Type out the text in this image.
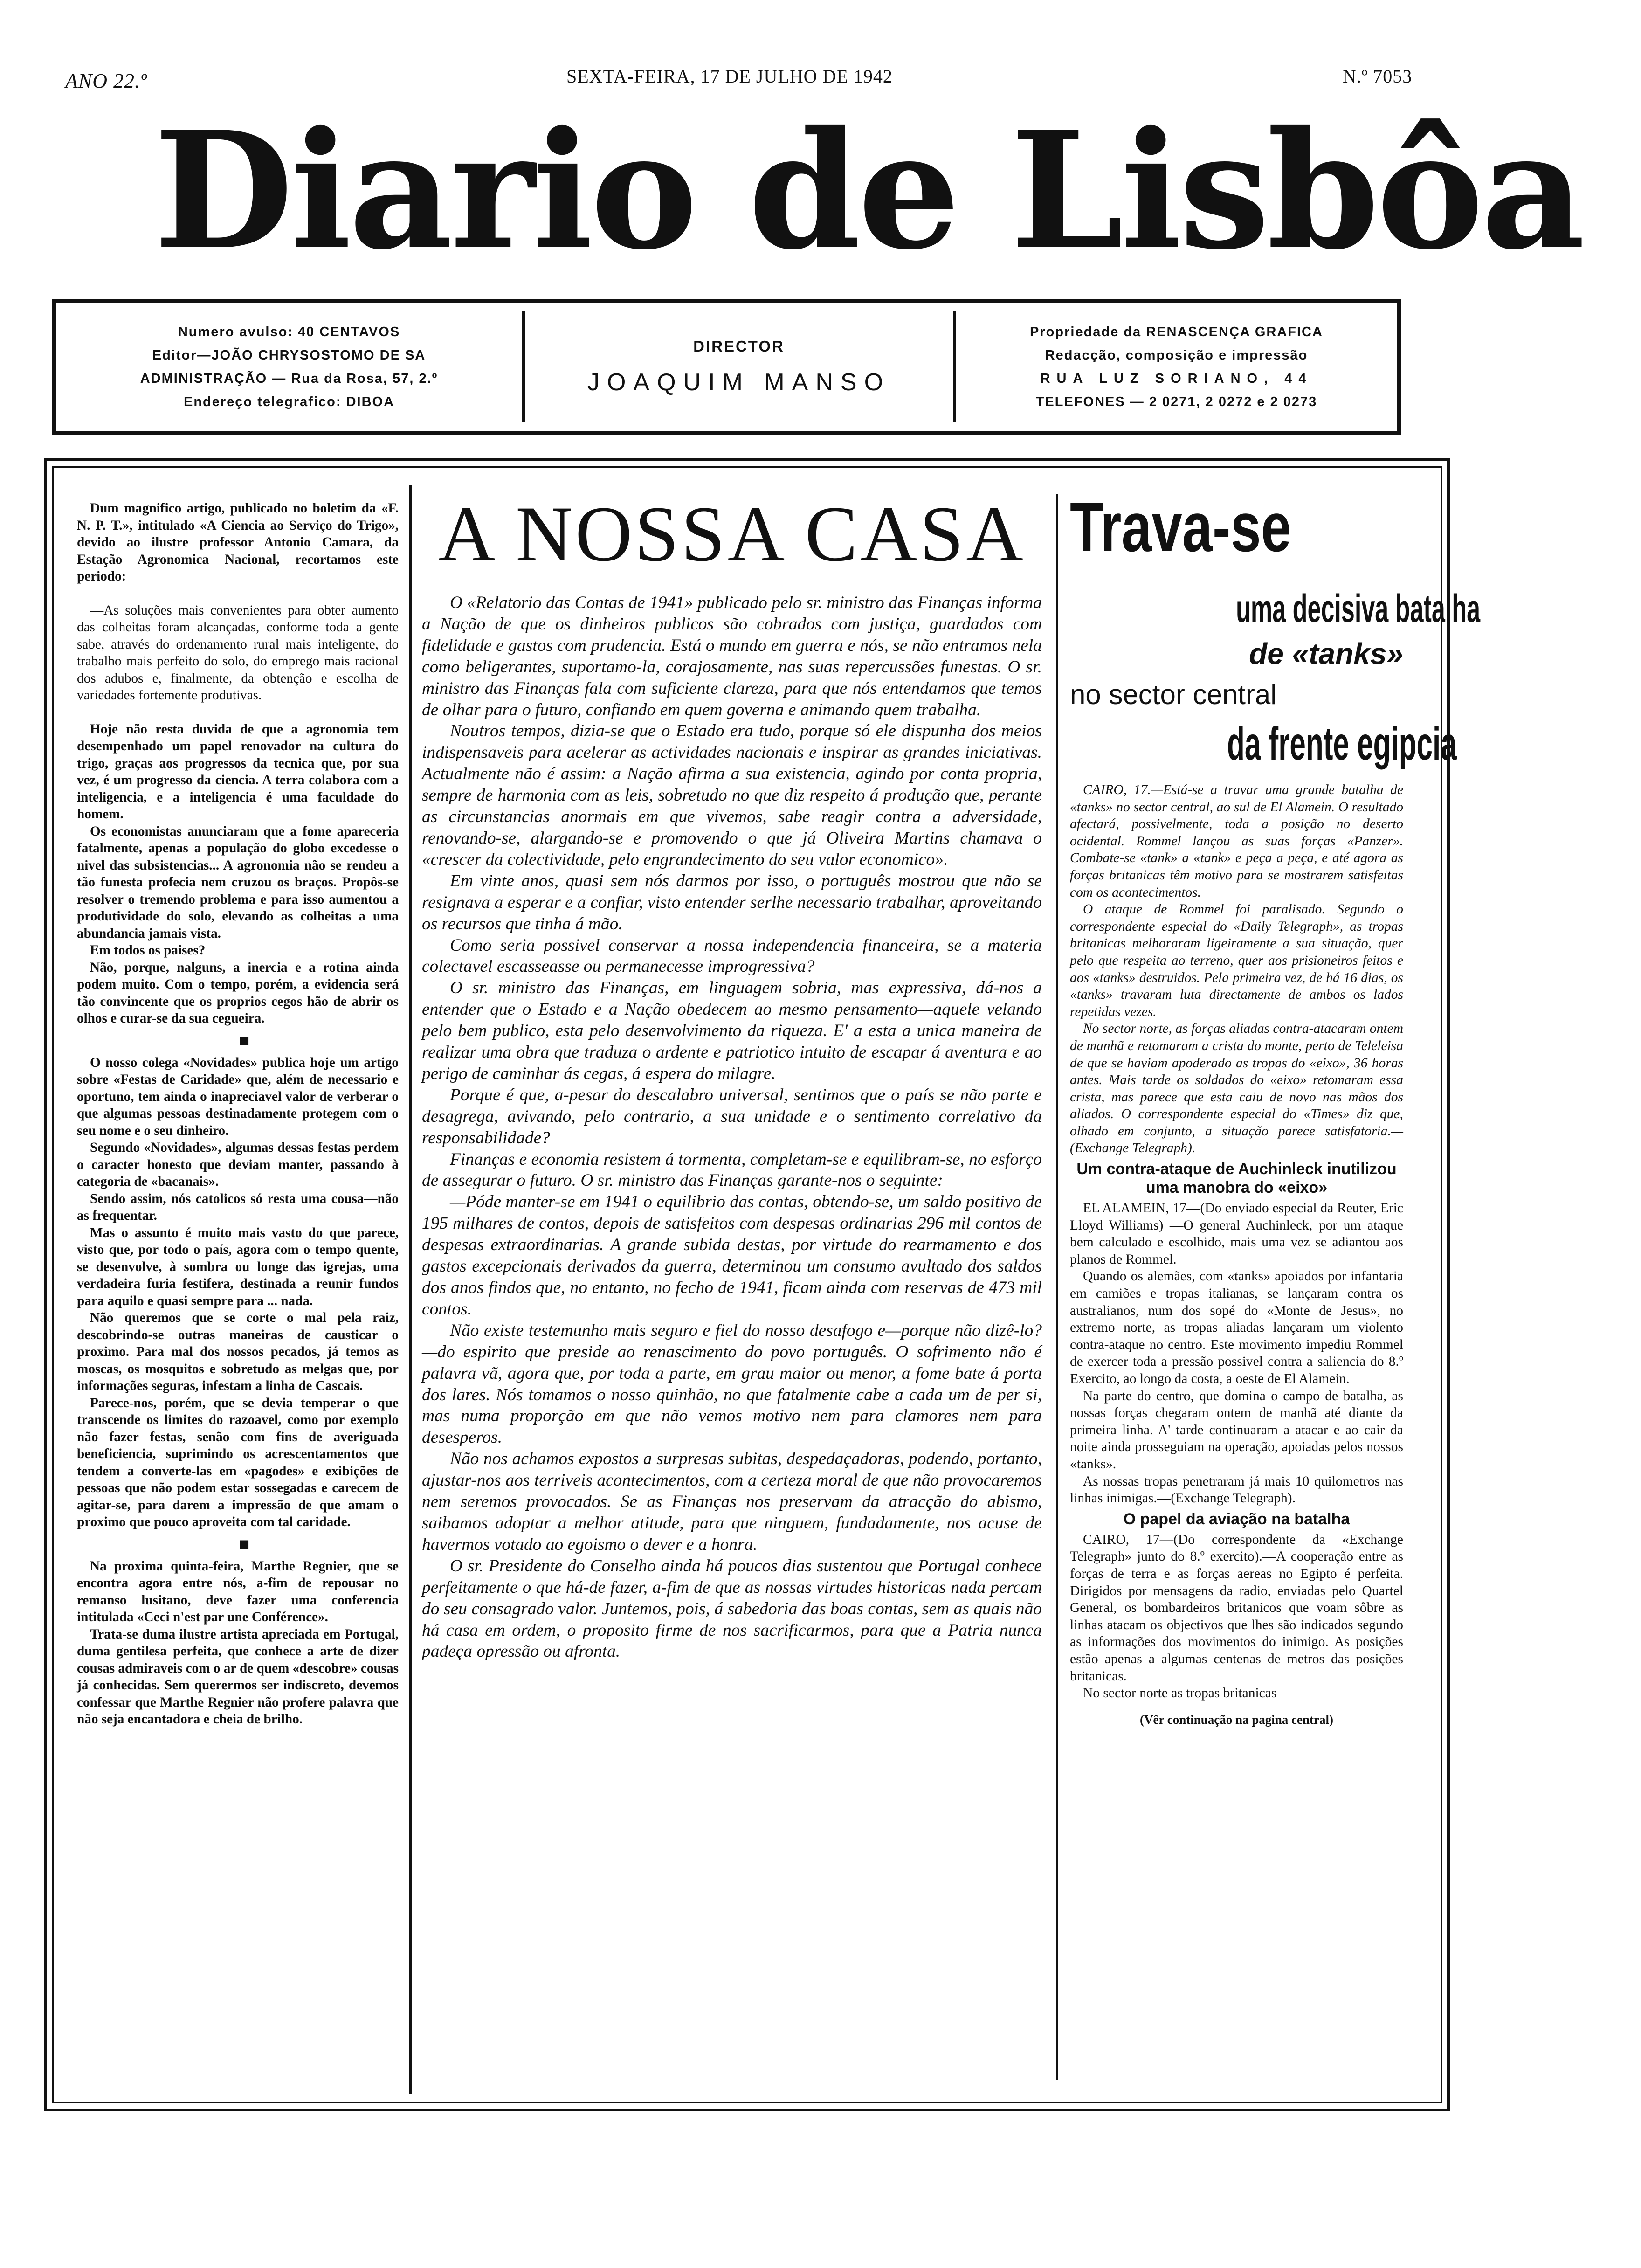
ANO 22.º	SEXTA-FEIRA, 17 DE JULHO DE 1942	N.º 7053
Diario de Lisbôa
Numero avulso: 40 CENTAVOS
Editor—JOÃO CHRYSOSTOMO DE SA
ADMINISTRAÇÃO — Rua da Rosa, 57, 2.º
Endereço telegrafico: DIBOA
DIRECTOR
JOAQUIM MANSO
Propriedade da RENASCENÇA GRAFICA
Redacção, composição e impressão
RUA LUZ SORIANO, 44
TELEFONES — 2 0271, 2 0272 e 2 0273

Dum magnifico artigo, publicado no boletim da «F. N. P. T.», intitulado «A Ciencia ao Serviço do Trigo», devido ao ilustre professor Antonio Camara, da Estação Agronomica Nacional, recortamos este periodo:

—As soluções mais convenientes para obter aumento das colheitas foram alcançadas, conforme toda a gente sabe, através do ordenamento rural mais inteligente, do trabalho mais perfeito do solo, do emprego mais racional dos adubos e, finalmente, da obtenção e escolha de variedades fortemente produtivas.

Hoje não resta duvida de que a agronomia tem desempenhado um papel renovador na cultura do trigo, graças aos progressos da tecnica que, por sua vez, é um progresso da ciencia. A terra colabora com a inteligencia, e a inteligencia é uma faculdade do homem.

Os economistas anunciaram que a fome apareceria fatalmente, apenas a população do globo excedesse o nivel das subsistencias... A agronomia não se rendeu a tão funesta profecia nem cruzou os braços. Propôs-se resolver o tremendo problema e para isso aumentou a produtividade do solo, elevando as colheitas a uma abundancia jamais vista.

Em todos os paises?

Não, porque, nalguns, a inercia e a rotina ainda podem muito. Com o tempo, porém, a evidencia será tão convincente que os proprios cegos hão de abrir os olhos e curar-se da sua cegueira.

■

O nosso colega «Novidades» publica hoje um artigo sobre «Festas de Caridade» que, além de necessario e oportuno, tem ainda o inapreciavel valor de verberar o que algumas pessoas destinadamente protegem com o seu nome e o seu dinheiro.

Segundo «Novidades», algumas dessas festas perdem o caracter honesto que deviam manter, passando à categoria de «bacanais».

Sendo assim, nós catolicos só resta uma cousa—não as frequentar.

Mas o assunto é muito mais vasto do que parece, visto que, por todo o país, agora com o tempo quente, se desenvolve, à sombra ou longe das igrejas, uma verdadeira furia festifera, destinada a reunir fundos para aquilo e quasi sempre para ... nada.

Não queremos que se corte o mal pela raiz, descobrindo-se outras maneiras de causticar o proximo. Para mal dos nossos pecados, já temos as moscas, os mosquitos e sobretudo as melgas que, por informações seguras, infestam a linha de Cascais.

Parece-nos, porém, que se devia temperar o que transcende os limites do razoavel, como por exemplo não fazer festas, senão com fins de averiguada beneficiencia, suprimindo os acrescentamentos que tendem a converte-las em «pagodes» e exibições de pessoas que não podem estar sossegadas e carecem de agitar-se, para darem a impressão de que amam o proximo que pouco aproveita com tal caridade.

■

Na proxima quinta-feira, Marthe Regnier, que se encontra agora entre nós, a-fim de repousar no remanso lusitano, deve fazer uma conferencia intitulada «Ceci n'est par une Conférence».

Trata-se duma ilustre artista apreciada em Portugal, duma gentilesa perfeita, que conhece a arte de dizer cousas admiraveis com o ar de quem «descobre» cousas já conhecidas. Sem querermos ser indiscreto, devemos confessar que Marthe Regnier não profere palavra que não seja encantadora e cheia de brilho.

A NOSSA CASA

O «Relatorio das Contas de 1941» publicado pelo sr. ministro das Finanças informa a Nação de que os dinheiros publicos são cobrados com justiça, guardados com fidelidade e gastos com prudencia. Está o mundo em guerra e nós, se não entramos nela como beligerantes, suportamo-la, corajosamente, nas suas repercussões funestas. O sr. ministro das Finanças fala com suficiente clareza, para que nós entendamos que temos de olhar para o futuro, confiando em quem governa e animando quem trabalha.

Noutros tempos, dizia-se que o Estado era tudo, porque só ele dispunha dos meios indispensaveis para acelerar as actividades nacionais e inspirar as grandes iniciativas. Actualmente não é assim: a Nação afirma a sua existencia, agindo por conta propria, sempre de harmonia com as leis, sobretudo no que diz respeito á produção que, perante as circunstancias anormais em que vivemos, sabe reagir contra a adversidade, renovando-se, alargando-se e promovendo o que já Oliveira Martins chamava o «crescer da colectividade, pelo engrandecimento do seu valor economico».

Em vinte anos, quasi sem nós darmos por isso, o português mostrou que não se resignava a esperar e a confiar, visto entender serlhe necessario trabalhar, aproveitando os recursos que tinha á mão.

Como seria possivel conservar a nossa independencia financeira, se a materia colectavel escasseasse ou permanecesse improgressiva?

O sr. ministro das Finanças, em linguagem sobria, mas expressiva, dá-nos a entender que o Estado e a Nação obedecem ao mesmo pensamento—aquele velando pelo bem publico, esta pelo desenvolvimento da riqueza. E' a esta a unica maneira de realizar uma obra que traduza o ardente e patriotico intuito de escapar á aventura e ao perigo de caminhar ás cegas, á espera do milagre.

Porque é que, a-pesar do descalabro universal, sentimos que o país se não parte e desagrega, avivando, pelo contrario, a sua unidade e o sentimento correlativo da responsabilidade?

Finanças e economia resistem á tormenta, completam-se e equilibram-se, no esforço de assegurar o futuro. O sr. ministro das Finanças garante-nos o seguinte:

—Póde manter-se em 1941 o equilibrio das contas, obtendo-se, um saldo positivo de 195 milhares de contos, depois de satisfeitos com despesas ordinarias 296 mil contos de despesas extraordinarias. A grande subida destas, por virtude do rearmamento e dos gastos excepcionais derivados da guerra, determinou um consumo avultado dos saldos dos anos findos que, no entanto, no fecho de 1941, ficam ainda com reservas de 473 mil contos.

Não existe testemunho mais seguro e fiel do nosso desafogo e—porque não dizê-lo?—do espirito que preside ao renascimento do povo português. O sofrimento não é palavra vã, agora que, por toda a parte, em grau maior ou menor, a fome bate á porta dos lares. Nós tomamos o nosso quinhão, no que fatalmente cabe a cada um de per si, mas numa proporção em que não vemos motivo nem para clamores nem para desesperos.

Não nos achamos expostos a surpresas subitas, despedaçadoras, podendo, portanto, ajustar-nos aos terriveis acontecimentos, com a certeza moral de que não provocaremos nem seremos provocados. Se as Finanças nos preservam da atracção do abismo, saibamos adoptar a melhor atitude, para que ninguem, fundadamente, nos acuse de havermos votado ao egoismo o dever e a honra.

O sr. Presidente do Conselho ainda há poucos dias sustentou que Portugal conhece perfeitamente o que há-de fazer, a-fim de que as nossas virtudes historicas nada percam do seu consagrado valor. Juntemos, pois, á sabedoria das boas contas, sem as quais não há casa em ordem, o proposito firme de nos sacrificarmos, para que a Patria nunca padeça opressão ou afronta.

Trava-se
uma decisiva batalha
de «tanks»
no sector central
da frente egipcia

CAIRO, 17.—Está-se a travar uma grande batalha de «tanks» no sector central, ao sul de El Alamein. O resultado afectará, possivelmente, toda a posição no deserto ocidental. Rommel lançou as suas forças «Panzer». Combate-se «tank» a «tank» e peça a peça, e até agora as forças britanicas têm motivo para se mostrarem satisfeitas com os acontecimentos.

O ataque de Rommel foi paralisado. Segundo o correspondente especial do «Daily Telegraph», as tropas britanicas melhoraram ligeiramente a sua situação, quer pelo que respeita ao terreno, quer aos prisioneiros feitos e aos «tanks» destruidos. Pela primeira vez, de há 16 dias, os «tanks» travaram luta directamente de ambos os lados repetidas vezes.

No sector norte, as forças aliadas contra-atacaram ontem de manhã e retomaram a crista do monte, perto de Teleleisa de que se haviam apoderado as tropas do «eixo», 36 horas antes. Mais tarde os soldados do «eixo» retomaram essa crista, mas parece que esta caiu de novo nas mãos dos aliados. O correspondente especial do «Times» diz que, olhado em conjunto, a situação parece satisfatoria.—(Exchange Telegraph).

Um contra-ataque de Auchinleck inutilizou uma manobra do «eixo»

EL ALAMEIN, 17—(Do enviado especial da Reuter, Eric Lloyd Williams) —O general Auchinleck, por um ataque bem calculado e escolhido, mais uma vez se adiantou aos planos de Rommel.

Quando os alemães, com «tanks» apoiados por infantaria em camiões e tropas italianas, se lançaram contra os australianos, num dos sopé do «Monte de Jesus», no extremo norte, as tropas aliadas lançaram um violento contra-ataque no centro. Este movimento impediu Rommel de exercer toda a pressão possivel contra a saliencia do 8.º Exercito, ao longo da costa, a oeste de El Alamein.

Na parte do centro, que domina o campo de batalha, as nossas forças chegaram ontem de manhã até diante da primeira linha. A' tarde continuaram a atacar e ao cair da noite ainda prosseguiam na operação, apoiadas pelos nossos «tanks».

As nossas tropas penetraram já mais 10 quilometros nas linhas inimigas.—(Exchange Telegraph).

O papel da aviação na batalha

CAIRO, 17—(Do correspondente da «Exchange Telegraph» junto do 8.º exercito).—A cooperação entre as forças de terra e as forças aereas no Egipto é perfeita. Dirigidos por mensagens da radio, enviadas pelo Quartel General, os bombardeiros britanicos que voam sôbre as linhas atacam os objectivos que lhes são indicados segundo as informações dos movimentos do inimigo. As posições estão apenas a algumas centenas de metros das posições britanicas.

No sector norte as tropas britanicas

(Vêr continuação na pagina central)
